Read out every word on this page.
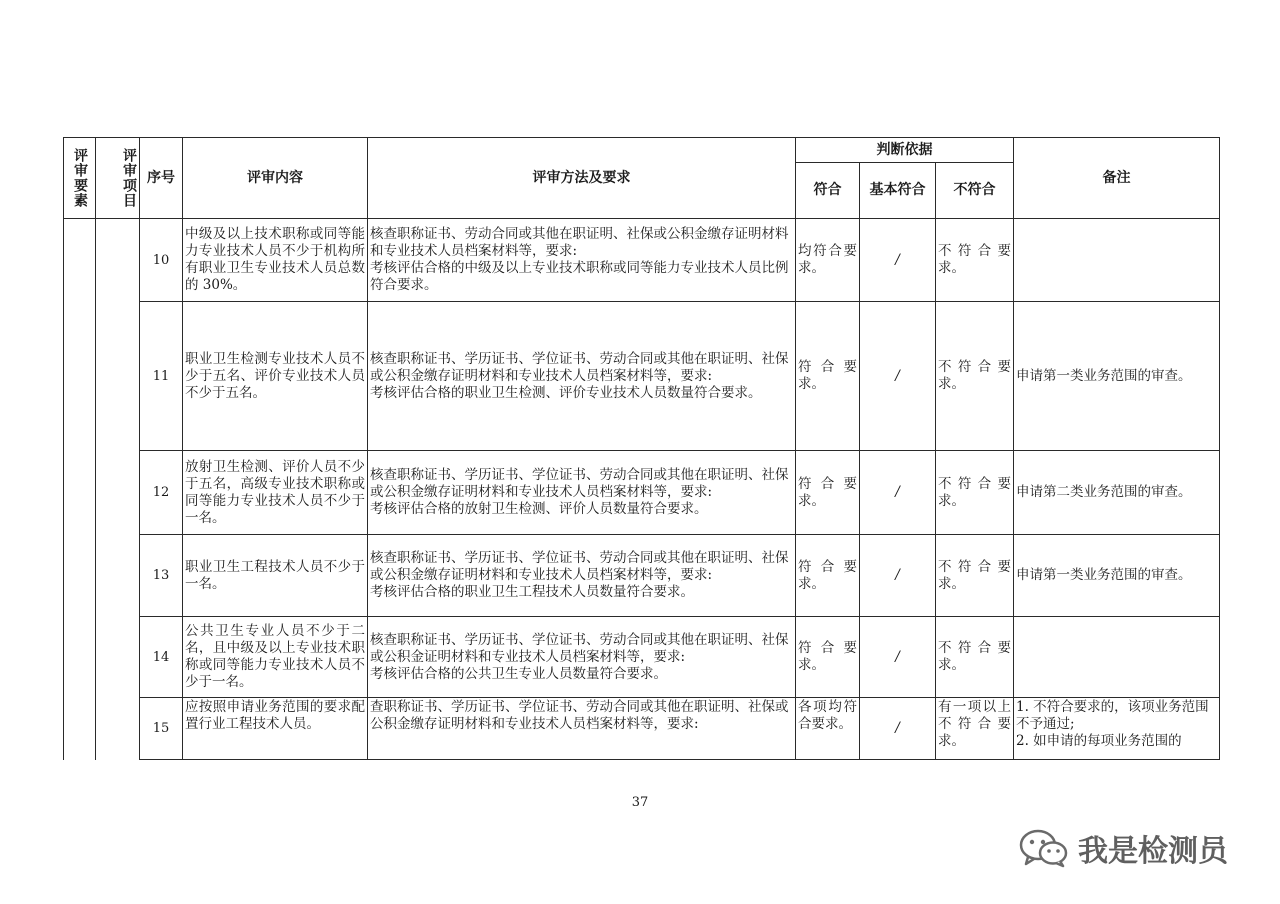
评审要素	评审项目	序号	评审内容	评审方法及要求	判断依据			备注
					符合	基本符合	不符合	
		10	中级及以上技术职称或同等能力专业技术人员不少于机构所有职业卫生专业技术人员总数的 30%。	核查职称证书、劳动合同或其他在职证明、社保或公积金缴存证明材料和专业技术人员档案材料等，要求:
考核评估合格的中级及以上专业技术职称或同等能力专业技术人员比例符合要求。	均符合要求。	/	不符合要求。	
		11	职业卫生检测专业技术人员不少于五名、评价专业技术人员不少于五名。	核查职称证书、学历证书、学位证书、劳动合同或其他在职证明、社保或公积金缴存证明材料和专业技术人员档案材料等，要求:
考核评估合格的职业卫生检测、评价专业技术人员数量符合要求。	符合要求。	/	不符合要求。	申请第一类业务范围的审查。
		12	放射卫生检测、评价人员不少于五名，高级专业技术职称或同等能力专业技术人员不少于一名。	核查职称证书、学历证书、学位证书、劳动合同或其他在职证明、社保或公积金缴存证明材料和专业技术人员档案材料等，要求:
考核评估合格的放射卫生检测、评价人员数量符合要求。	符合要求。	/	不符合要求。	申请第二类业务范围的审查。
		13	职业卫生工程技术人员不少于一名。	核查职称证书、学历证书、学位证书、劳动合同或其他在职证明、社保或公积金缴存证明材料和专业技术人员档案材料等，要求:
考核评估合格的职业卫生工程技术人员数量符合要求。	符合要求。	/	不符合要求。	申请第一类业务范围的审查。
		14	公共卫生专业人员不少于二名，且中级及以上专业技术职称或同等能力专业技术人员不少于一名。	核查职称证书、学历证书、学位证书、劳动合同或其他在职证明、社保或公积金证明材料和专业技术人员档案材料等，要求:
考核评估合格的公共卫生专业人员数量符合要求。	符合要求。	/	不符合要求。	
		15	应按照申请业务范围的要求配置行业工程技术人员。	查职称证书、学历证书、学位证书、劳动合同或其他在职证明、社保或公积金缴存证明材料和专业技术人员档案材料等，要求:	各项均符合要求。	/	有一项以上不符合要求。	1. 不符合要求的，该项业务范围不予通过;
2. 如申请的每项业务范围的
37
我是检测员
